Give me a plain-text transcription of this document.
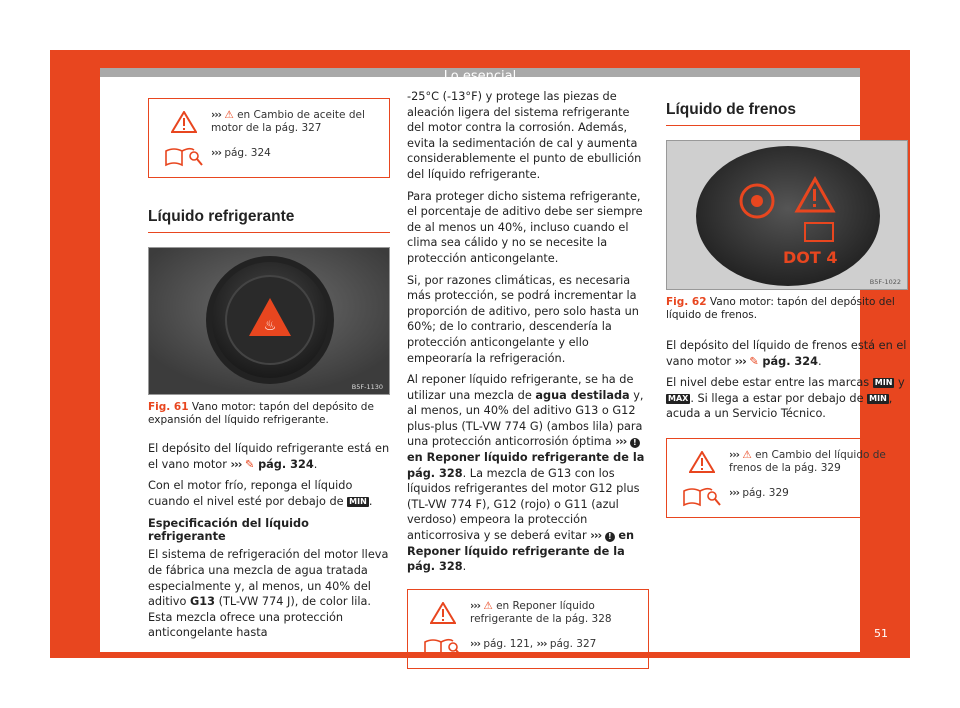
››› ⚠ en Cambio de aceite del motor de la pág. 327
››› pág. 324
Líquido refrigerante
♨
B5F-1130
Fig. 61 Vano motor: tapón del depósito de expansión del líquido refrigerante.

El depósito del líquido refrigerante está en el vano motor ››› ✎ pág. 324.

Con el motor frío, reponga el líquido cuando el nivel esté por debajo de MIN .

Especificación del líquido refrigerante

El sistema de refrigeración del motor lleva de fábrica una mezcla de agua tratada especialmente y, al menos, un 40% del aditivo G13 (TL-VW 774 J), de color lila. Esta mezcla ofrece una protección anticongelante hasta

-25°C (-13°F) y protege las piezas de aleación ligera del sistema refrigerante del motor contra la corrosión. Además, evita la sedimentación de cal y aumenta considerablemente el punto de ebullición del líquido refrigerante.

Para proteger dicho sistema refrigerante, el porcentaje de aditivo debe ser siempre de al menos un 40%, incluso cuando el clima sea cálido y no se necesite la protección anticongelante.

Si, por razones climáticas, es necesaria más protección, se podrá incrementar la proporción de aditivo, pero solo hasta un 60%; de lo contrario, descendería la protección anticongelante y ello empeoraría la refrigeración.

Al reponer líquido refrigerante, se ha de utilizar una mezcla de agua destilada y, al menos, un 40% del aditivo G13 o G12 plus-plus (TL-VW 774 G) (ambos lila) para una protección anticorrosión óptima ››› ! en Reponer líquido refrigerante de la pág. 328. La mezcla de G13 con los líquidos refrigerantes del motor G12 plus (TL-VW 774 F), G12 (rojo) o G11 (azul verdoso) empeora la protección anticorrosiva y se deberá evitar ››› ! en Reponer líquido refrigerante de la pág. 328.

››› ⚠ en Reponer líquido refrigerante de la pág. 328
››› pág. 121, ››› pág. 327
Líquido de frenos
DOT 4
B5F-1022
Fig. 62 Vano motor: tapón del depósito del líquido de frenos.

El depósito del líquido de frenos está en el vano motor ››› ✎ pág. 324.

El nivel debe estar entre las marcas MIN y MAX . Si llega a estar por debajo de MIN , acuda a un Servicio Técnico.

››› ⚠ en Cambio del líquido de frenos de la pág. 329
››› pág. 329
51
